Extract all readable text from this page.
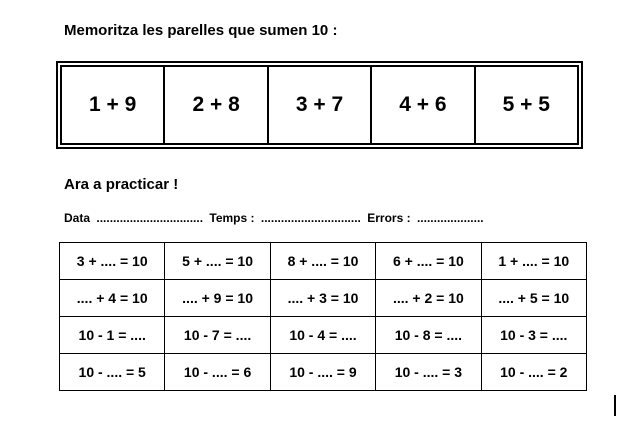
Memoritza les parelles que sumen 10 :
1 + 9	2 + 8	3 + 7	4 + 6	5 + 5
Ara a practicar !
Data ................................ Temps : .............................. Errors : ....................
3 + .... = 10	5 + .... = 10	8 + .... = 10	6 + .... = 10	1 + .... = 10
.... + 4 = 10	.... + 9 = 10	.... + 3 = 10	.... + 2 = 10	.... + 5 = 10
10 - 1 = ....	10 - 7 = ....	10 - 4 = ....	10 - 8 = ....	10 - 3 = ....
10 - .... = 5	10 - .... = 6	10 - .... = 9	10 - .... = 3	10 - .... = 2
